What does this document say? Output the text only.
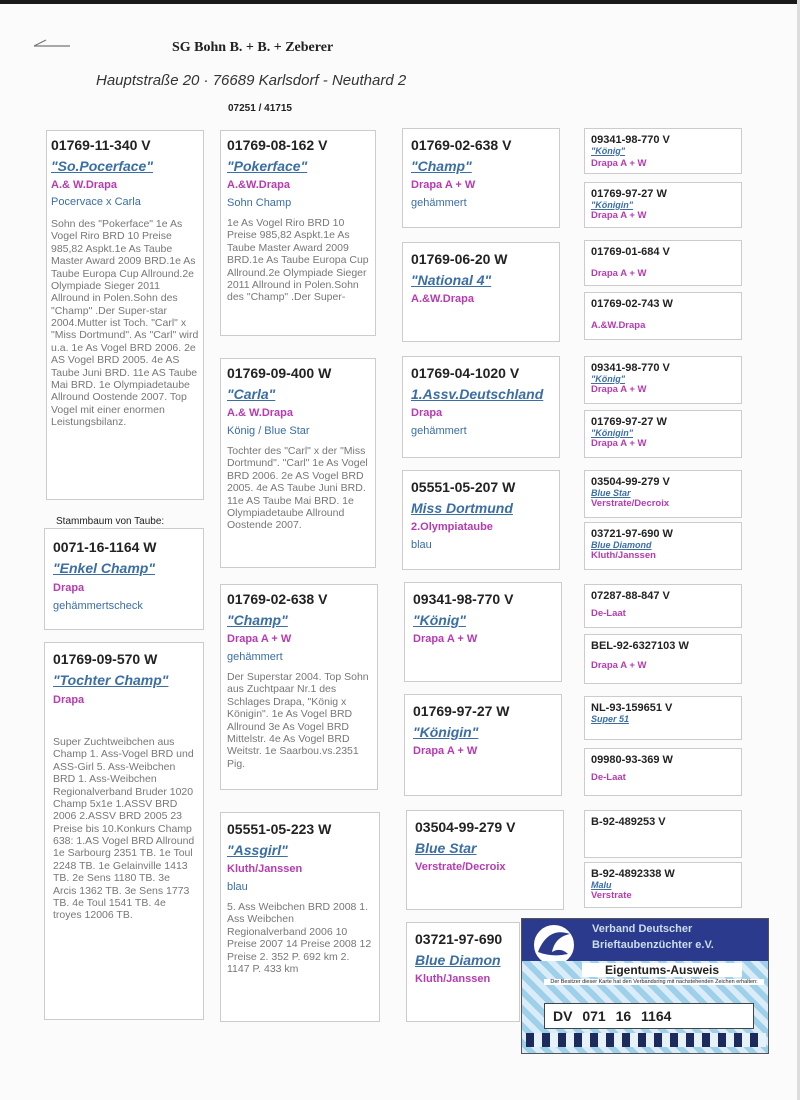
SG Bohn B. + B. + Zeberer
Hauptstraße 20 · 76689 Karlsdorf - Neuthard 2
07251 / 41715
01769-11-340 V
"So.Pocerface"
A.& W.Drapa
Pocervace x Carla
Sohn des "Pokerface" 1e As Vogel Riro BRD 10 Preise 985,82 Aspkt.1e As Taube Master Award 2009 BRD.1e As Taube Europa Cup Allround.2e Olympiade Sieger 2011 Allround in Polen.Sohn des "Champ" .Der Super-star 2004.Mutter ist Toch. "Carl" x "Miss Dortmund". As "Carl" wird u.a. 1e As Vogel BRD 2006. 2e AS Vogel BRD 2005. 4e AS Taube Juni BRD. 11e AS Taube Mai BRD. 1e Olympiadetaube Allround Oostende 2007. Top Vogel mit einer enormen Leistungsbilanz.
Stammbaum von Taube:
0071-16-1164 W
"Enkel Champ"
Drapa
gehämmertscheck
01769-09-570 W
"Tochter Champ"
Drapa
Super Zuchtweibchen aus Champ 1. Ass-Vogel BRD und ASS-Girl 5. Ass-Weibchen BRD 1. Ass-Weibchen Regionalverband Bruder 1020 Champ 5x1e 1.ASSV BRD 2006 2.ASSV BRD 2005 23 Preise bis 10.Konkurs Champ 638: 1.AS Vogel BRD Allround 1e Sarbourg 2351 TB. 1e Toul 2248 TB. 1e Gelainville 1413 TB. 2e Sens 1180 TB. 3e Arcis 1362 TB. 3e Sens 1773 TB. 4e Toul 1541 TB. 4e troyes 12006 TB.
01769-08-162 V
"Pokerface"
A.&W.Drapa
Sohn Champ
1e As Vogel Riro BRD 10 Preise 985,82 Aspkt.1e As Taube Master Award 2009 BRD.1e As Taube Europa Cup Allround.2e Olympiade Sieger 2011 Allround in Polen.Sohn des "Champ" .Der Super-
01769-09-400 W
"Carla"
A.& W.Drapa
König / Blue Star
Tochter des "Carl" x der "Miss Dortmund". "Carl" 1e As Vogel BRD 2006. 2e AS Vogel BRD 2005. 4e AS Taube Juni BRD. 11e AS Taube Mai BRD. 1e Olympiadetaube Allround Oostende 2007.
01769-02-638 V
"Champ"
Drapa A + W
gehämmert
Der Superstar 2004. Top Sohn aus Zuchtpaar Nr.1 des Schlages Drapa, "König x Königin". 1e As Vogel BRD Allround 3e As Vogel BRD Mittelstr. 4e As Vogel BRD Weitstr. 1e Saarbou.vs.2351 Pig.
05551-05-223 W
"Assgirl"
Kluth/Janssen
blau
5. Ass Weibchen BRD 2008 1. Ass Weibchen Regionalverband 2006 10 Preise 2007 14 Preise 2008 12 Preise 2. 352 P. 692 km 2. 1147 P. 433 km
01769-02-638 V
"Champ"
Drapa A + W
gehämmert
01769-06-20 W
"National 4"
A.&W.Drapa
01769-04-1020 V
1.Assv.Deutschland
Drapa
gehämmert
05551-05-207 W
Miss Dortmund
2.Olympiataube
blau
09341-98-770 V
"König"
Drapa A + W
01769-97-27 W
"Königin"
Drapa A + W
03504-99-279 V
Blue Star
Verstrate/Decroix
03721-97-690
Blue Diamon
Kluth/Janssen
09341-98-770 V
"König"
Drapa A + W
01769-97-27 W
"Königin"
Drapa A + W
01769-01-684 V
Drapa A + W
01769-02-743 W
A.&W.Drapa
09341-98-770 V
"König"
Drapa A + W
01769-97-27 W
"Königin"
Drapa A + W
03504-99-279 V
Blue Star
Verstrate/Decroix
03721-97-690 W
Blue Diamond
Kluth/Janssen
07287-88-847 V
De-Laat
BEL-92-6327103 W
Drapa A + W
NL-93-159651 V
Super 51
09980-93-369 W
De-Laat
B-92-489253 V
B-92-4892338 W
Malu
Verstrate
Verband Deutscher
Brieftaubenzüchter e.V.
Eigentums-Ausweis
Der Besitzer dieser Karte hat den Verbandsring mit nachstehenden Zeichen erhalten:
DV 071 16 1164
